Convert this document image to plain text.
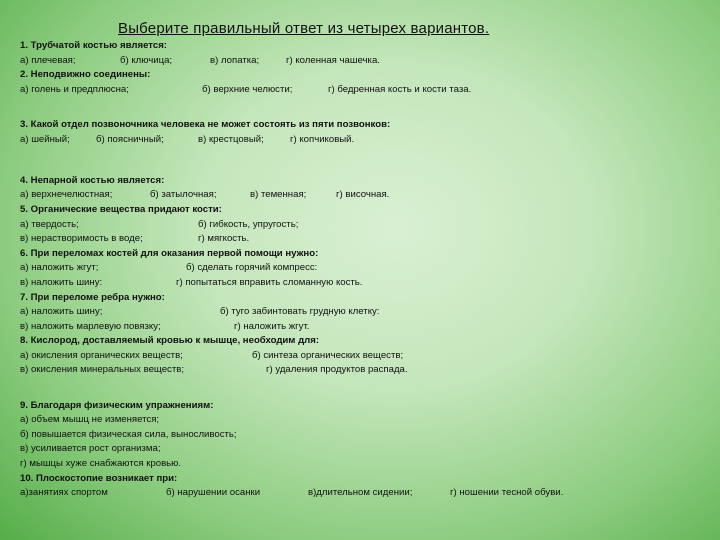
Выберите правильный ответ из четырех вариантов.
1. Трубчатой костью является:
а) плечевая;	б) ключица;	в) лопатка;	г) коленная чашечка.
2. Неподвижно соединены:
а) голень и предплюсна;	б) верхние челюсти;	г) бедренная кость и кости таза.
3. Какой отдел позвоночника человека не может состоять из пяти позвонков:
а) шейный;	б) поясничный;	в) крестцовый;	г) копчиковый.
4. Непарной костью является:
а) верхнечелюстная;	б) затылочная;	в) теменная;	г) височная.
5. Органические вещества придают кости:
а) твердость;	б) гибкость, упругость;
в) нерастворимость в воде;	г) мягкость.
6. При переломах костей для оказания первой помощи нужно:
а) наложить жгут;	б) сделать горячий компресс:
в) наложить шину:	г) попытаться вправить сломанную кость.
7. При переломе ребра нужно:
а) наложить шину;	б) туго забинтовать грудную клетку:
в) наложить марлевую повязку;	г) наложить жгут.
8. Кислород, доставляемый кровью к мышце, необходим для:
а) окисления органических веществ;	б) синтеза органических веществ;
в) окисления минеральных веществ;	г) удаления продуктов распада.
9. Благодаря физическим упражнениям:
а) объем мышц не изменяется;
б) повышается физическая сила, выносливость;
в) усиливается рост организма;
г) мышцы хуже снабжаются кровью.
10. Плоскостопие возникает при:
а)занятиях спортом	б) нарушении осанки	в)длительном сидении;	г) ношении тесной обуви.
